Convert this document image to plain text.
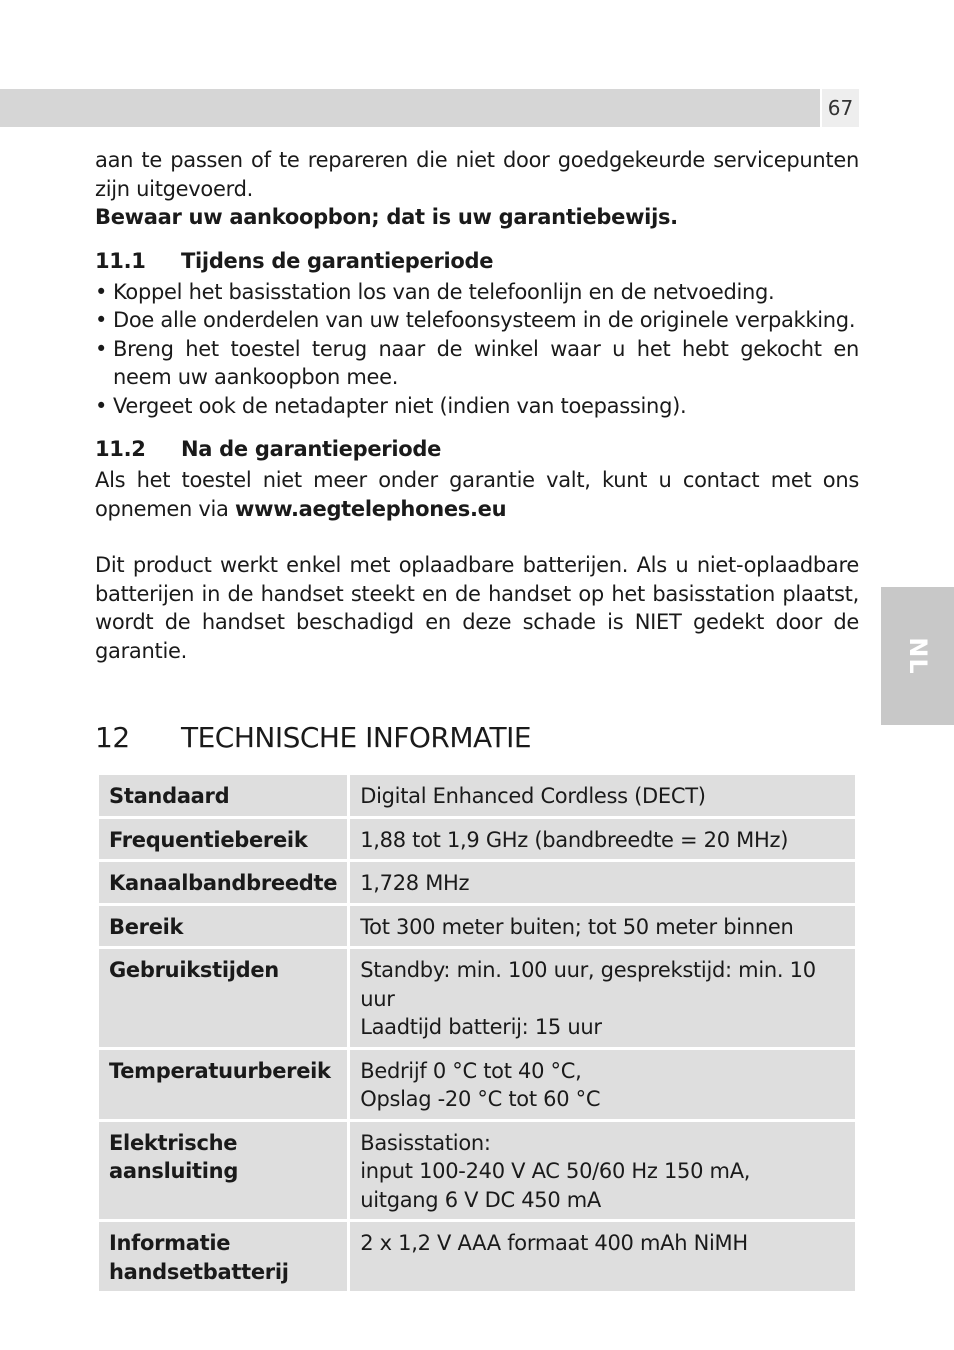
67
NL

aan te passen of te repareren die niet door goedgekeurde servicepunten zijn uitgevoerd.

Bewaar uw aankoopbon; dat is uw garantiebewijs.

11.1 Tijdens de garantieperiode
• Koppel het basisstation los van de telefoonlijn en de netvoeding.
• Doe alle onderdelen van uw telefoonsysteem in de originele verpakking.
• Breng het toestel terug naar de winkel waar u het hebt gekocht en neem uw aankoopbon mee.
• Vergeet ook de netadapter niet (indien van toepassing).
11.2 Na de garantieperiode

Als het toestel niet meer onder garantie valt, kunt u contact met ons opnemen via www.aegtelephones.eu

Dit product werkt enkel met oplaadbare batterijen. Als u niet-oplaadbare batterijen in de handset steekt en de handset op het basisstation plaatst, wordt de handset beschadigd en deze schade is NIET gedekt door de garantie.

12 TECHNISCHE INFORMATIE
Standaard	Digital Enhanced Cordless (DECT)

Frequentiebereik	1,88 tot 1,9 GHz (bandbreedte = 20 MHz)

Kanaalbandbreedte	1,728 MHz

Bereik	Tot 300 meter buiten; tot 50 meter binnen

Gebruikstijden	Standby: min. 100 uur, gesprekstijd: min. 10 uur
Laadtijd batterij: 15 uur

Temperatuurbereik	Bedrijf 0 °C tot 40 °C,
Opslag -20 °C tot 60 °C

Elektrische
aansluiting	Basisstation:
input 100-240 V AC 50/60 Hz 150 mA,
uitgang 6 V DC 450 mA

Informatie
handsetbatterij	2 x 1,2 V AAA formaat 400 mAh NiMH
